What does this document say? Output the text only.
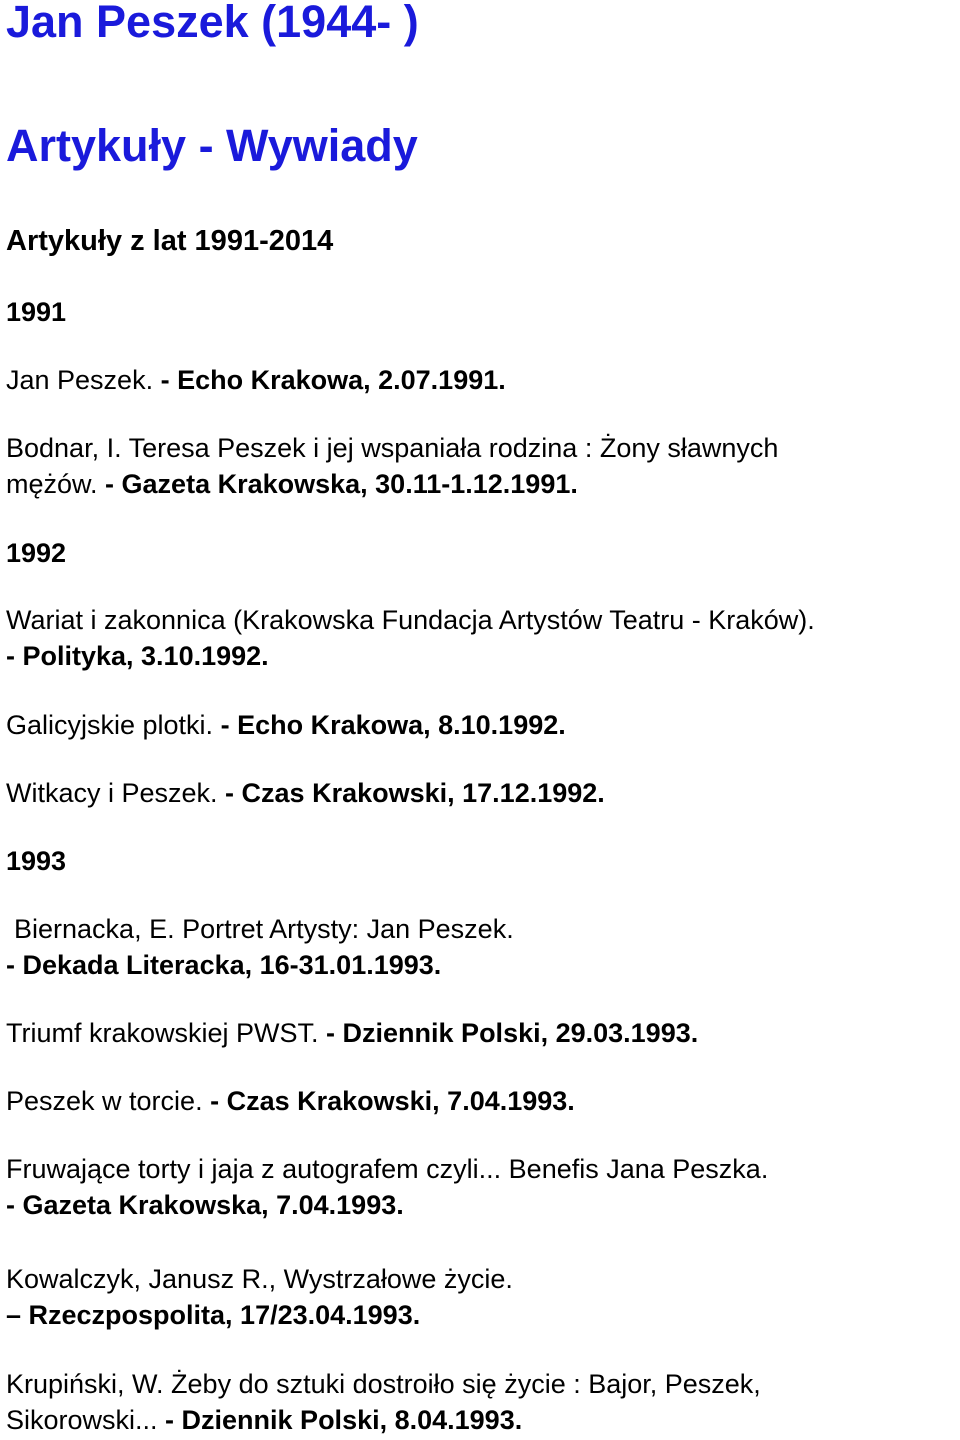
Jan Peszek (1944- )
Artykuły - Wywiady
Artykuły z lat 1991-2014
1991
Jan Peszek. - Echo Krakowa, 2.07.1991.
Bodnar, I. Teresa Peszek i jej wspaniała rodzina : Żony sławnych
mężów. - Gazeta Krakowska, 30.11-1.12.1991.
1992
Wariat i zakonnica (Krakowska Fundacja Artystów Teatru - Kraków).
- Polityka, 3.10.1992.
Galicyjskie plotki. - Echo Krakowa, 8.10.1992.
Witkacy i Peszek. - Czas Krakowski, 17.12.1992.
1993
Biernacka, E. Portret Artysty: Jan Peszek.
- Dekada Literacka, 16-31.01.1993.
Triumf krakowskiej PWST. - Dziennik Polski, 29.03.1993.
Peszek w torcie. - Czas Krakowski, 7.04.1993.
Fruwające torty i jaja z autografem czyli... Benefis Jana Peszka.
- Gazeta Krakowska, 7.04.1993.
Kowalczyk, Janusz R., Wystrzałowe życie.
– Rzeczpospolita, 17/23.04.1993.
Krupiński, W. Żeby do sztuki dostroiło się życie : Bajor, Peszek,
Sikorowski... - Dziennik Polski, 8.04.1993.
